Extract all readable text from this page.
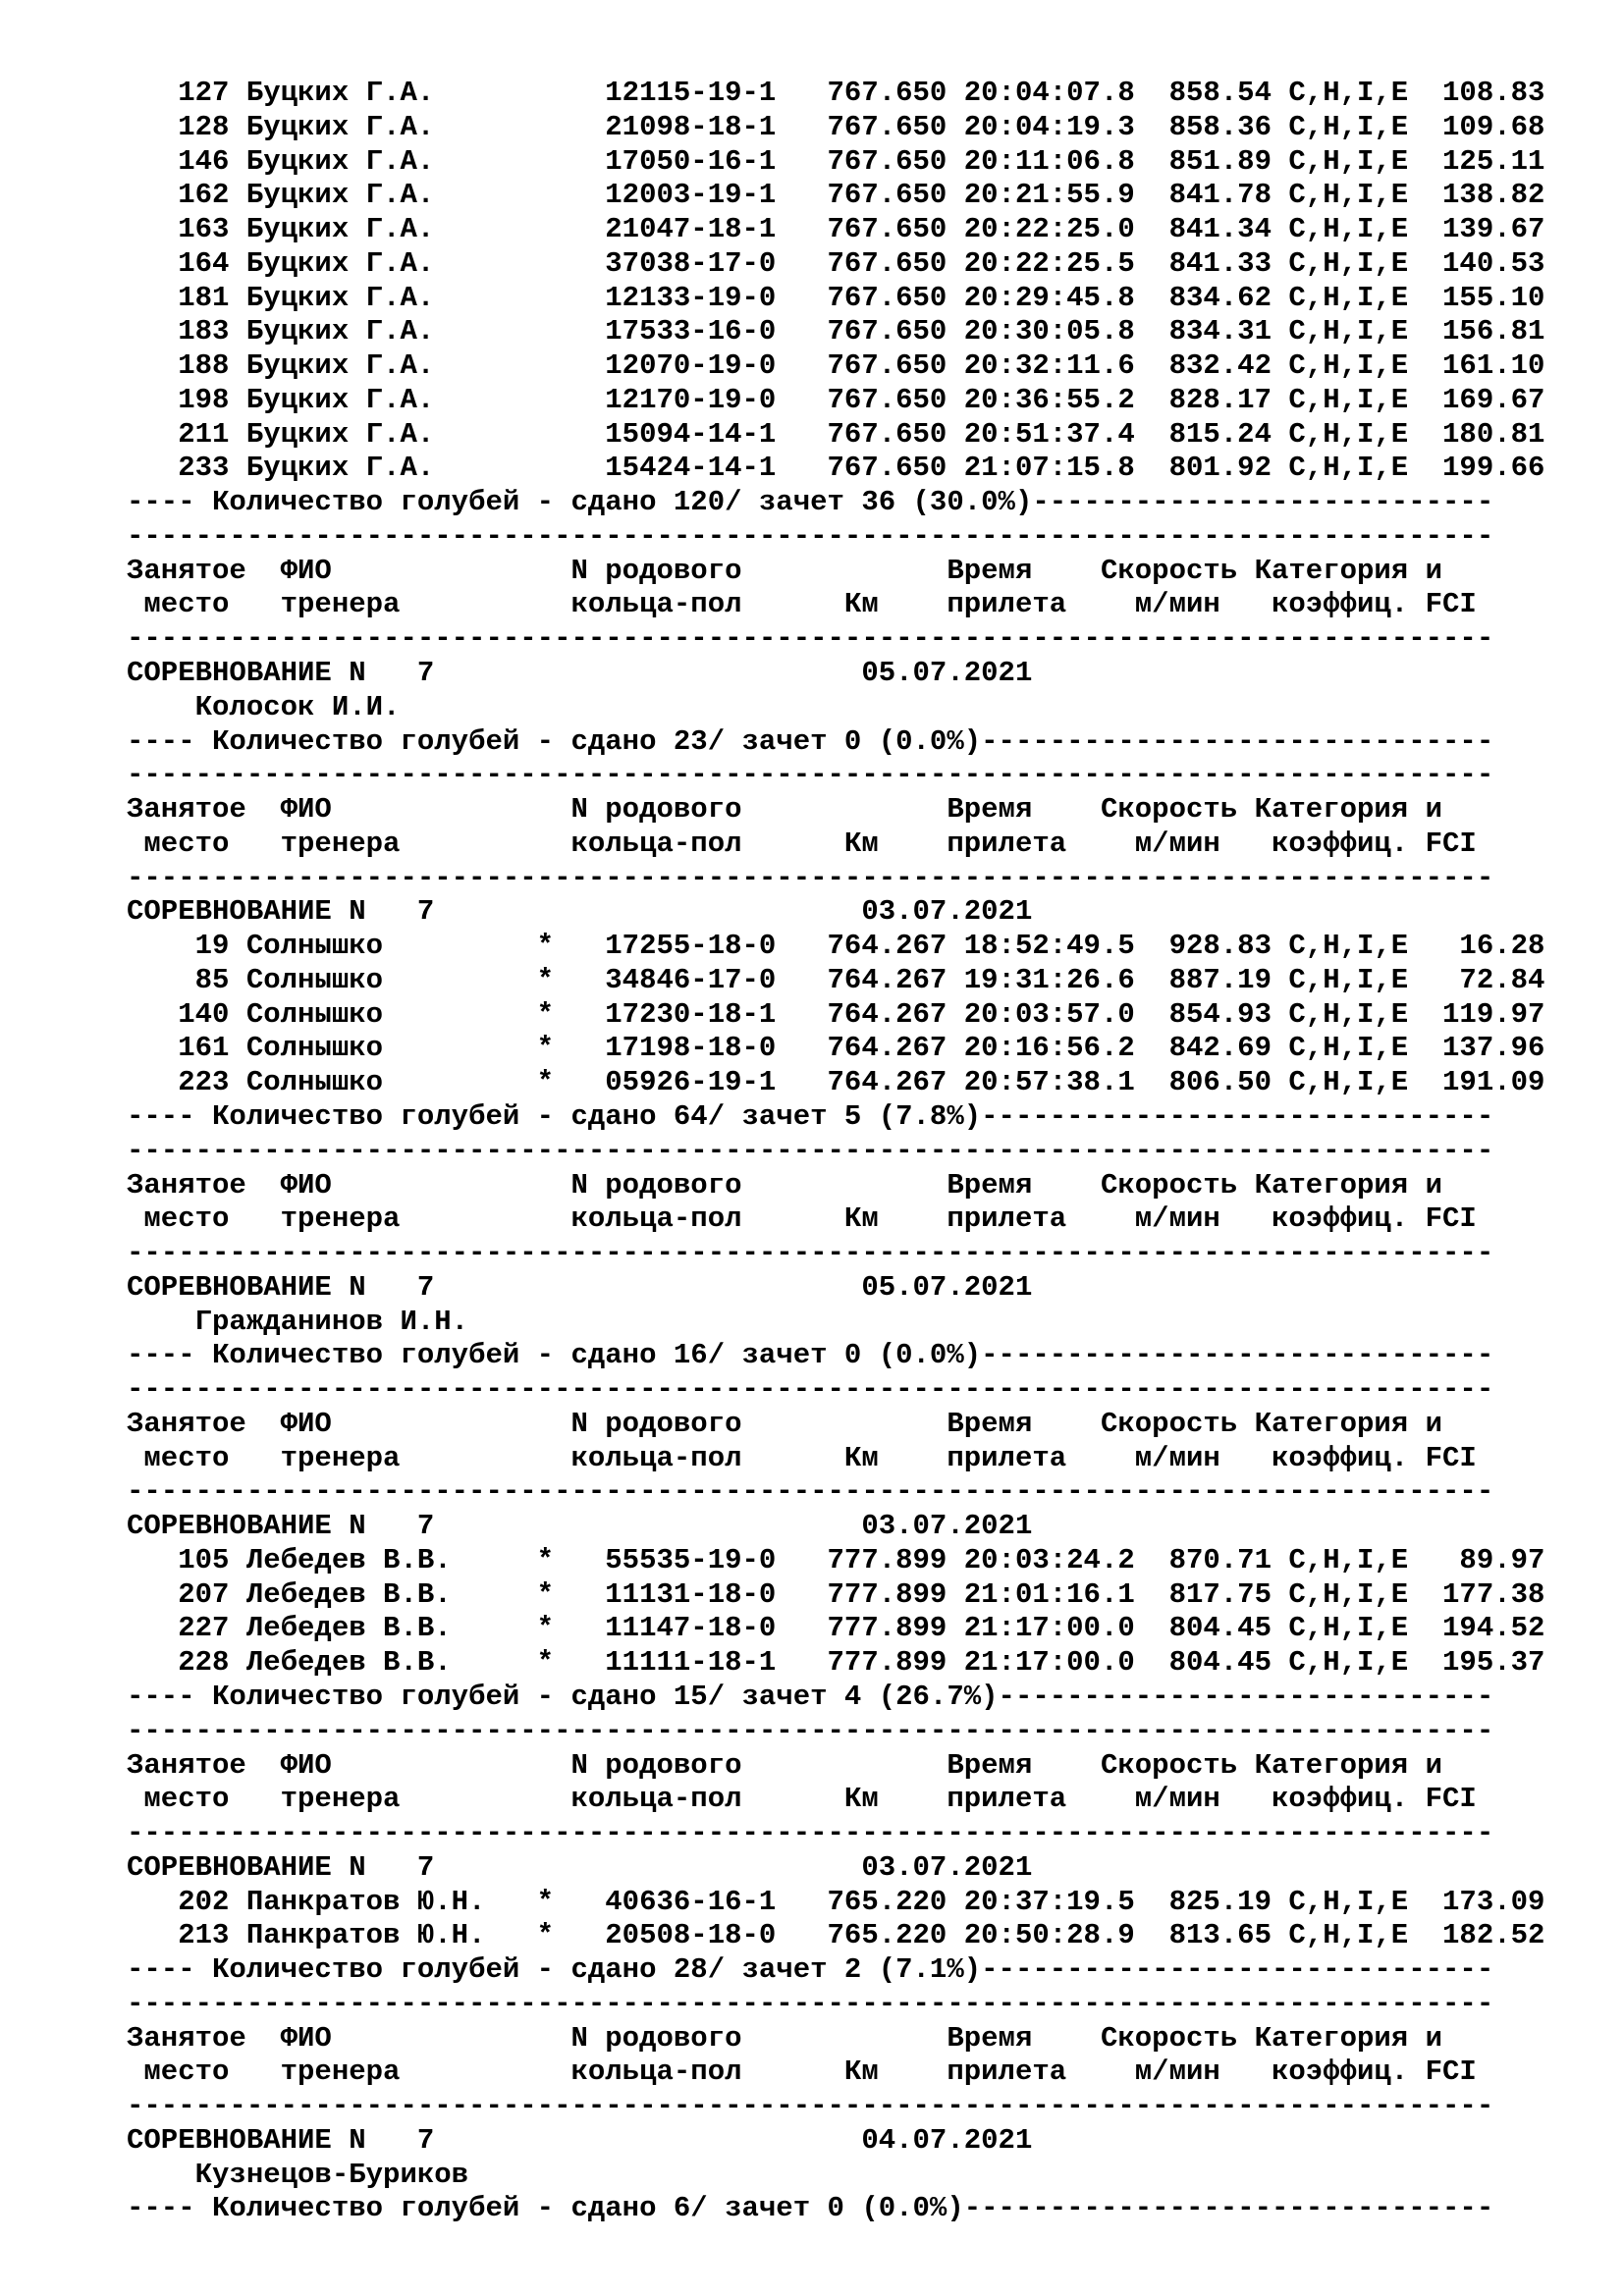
127 Буцких Г.А.          12115-19-1   767.650 20:04:07.8  858.54 C,H,I,E  108.83
128 Буцких Г.А.          21098-18-1   767.650 20:04:19.3  858.36 C,H,I,E  109.68
146 Буцких Г.А.          17050-16-1   767.650 20:11:06.8  851.89 C,H,I,E  125.11
162 Буцких Г.А.          12003-19-1   767.650 20:21:55.9  841.78 C,H,I,E  138.82
163 Буцких Г.А.          21047-18-1   767.650 20:22:25.0  841.34 C,H,I,E  139.67
164 Буцких Г.А.          37038-17-0   767.650 20:22:25.5  841.33 C,H,I,E  140.53
181 Буцких Г.А.          12133-19-0   767.650 20:29:45.8  834.62 C,H,I,E  155.10
183 Буцких Г.А.          17533-16-0   767.650 20:30:05.8  834.31 C,H,I,E  156.81
188 Буцких Г.А.          12070-19-0   767.650 20:32:11.6  832.42 C,H,I,E  161.10
198 Буцких Г.А.          12170-19-0   767.650 20:36:55.2  828.17 C,H,I,E  169.67
211 Буцких Г.А.          15094-14-1   767.650 20:51:37.4  815.24 C,H,I,E  180.81
233 Буцких Г.А.          15424-14-1   767.650 21:07:15.8  801.92 C,H,I,E  199.66
---- Количество голубей - сдано 120/ зачет 36 (30.0%)---------------------------
--------------------------------------------------------------------------------
Занятое  ФИО              N родового            Время    Скорость Категория и
место   тренера          кольца-пол      Км    прилета    м/мин   коэффиц. FCI
--------------------------------------------------------------------------------
СОРЕВНОВАНИЕ N   7                         05.07.2021
Колосок И.И.
---- Количество голубей - сдано 23/ зачет 0 (0.0%)------------------------------
--------------------------------------------------------------------------------
Занятое  ФИО              N родового            Время    Скорость Категория и
место   тренера          кольца-пол      Км    прилета    м/мин   коэффиц. FCI
--------------------------------------------------------------------------------
СОРЕВНОВАНИЕ N   7                         03.07.2021
19 Солнышко         *   17255-18-0   764.267 18:52:49.5  928.83 C,H,I,E   16.28
85 Солнышко         *   34846-17-0   764.267 19:31:26.6  887.19 C,H,I,E   72.84
140 Солнышко         *   17230-18-1   764.267 20:03:57.0  854.93 C,H,I,E  119.97
161 Солнышко         *   17198-18-0   764.267 20:16:56.2  842.69 C,H,I,E  137.96
223 Солнышко         *   05926-19-1   764.267 20:57:38.1  806.50 C,H,I,E  191.09
---- Количество голубей - сдано 64/ зачет 5 (7.8%)------------------------------
--------------------------------------------------------------------------------
Занятое  ФИО              N родового            Время    Скорость Категория и
место   тренера          кольца-пол      Км    прилета    м/мин   коэффиц. FCI
--------------------------------------------------------------------------------
СОРЕВНОВАНИЕ N   7                         05.07.2021
Гражданинов И.Н.
---- Количество голубей - сдано 16/ зачет 0 (0.0%)------------------------------
--------------------------------------------------------------------------------
Занятое  ФИО              N родового            Время    Скорость Категория и
место   тренера          кольца-пол      Км    прилета    м/мин   коэффиц. FCI
--------------------------------------------------------------------------------
СОРЕВНОВАНИЕ N   7                         03.07.2021
105 Лебедев В.В.     *   55535-19-0   777.899 20:03:24.2  870.71 C,H,I,E   89.97
207 Лебедев В.В.     *   11131-18-0   777.899 21:01:16.1  817.75 C,H,I,E  177.38
227 Лебедев В.В.     *   11147-18-0   777.899 21:17:00.0  804.45 C,H,I,E  194.52
228 Лебедев В.В.     *   11111-18-1   777.899 21:17:00.0  804.45 C,H,I,E  195.37
---- Количество голубей - сдано 15/ зачет 4 (26.7%)-----------------------------
--------------------------------------------------------------------------------
Занятое  ФИО              N родового            Время    Скорость Категория и
место   тренера          кольца-пол      Км    прилета    м/мин   коэффиц. FCI
--------------------------------------------------------------------------------
СОРЕВНОВАНИЕ N   7                         03.07.2021
202 Панкратов Ю.Н.   *   40636-16-1   765.220 20:37:19.5  825.19 C,H,I,E  173.09
213 Панкратов Ю.Н.   *   20508-18-0   765.220 20:50:28.9  813.65 C,H,I,E  182.52
---- Количество голубей - сдано 28/ зачет 2 (7.1%)------------------------------
--------------------------------------------------------------------------------
Занятое  ФИО              N родового            Время    Скорость Категория и
место   тренера          кольца-пол      Км    прилета    м/мин   коэффиц. FCI
--------------------------------------------------------------------------------
СОРЕВНОВАНИЕ N   7                         04.07.2021
Кузнецов-Буриков
---- Количество голубей - сдано 6/ зачет 0 (0.0%)-------------------------------
